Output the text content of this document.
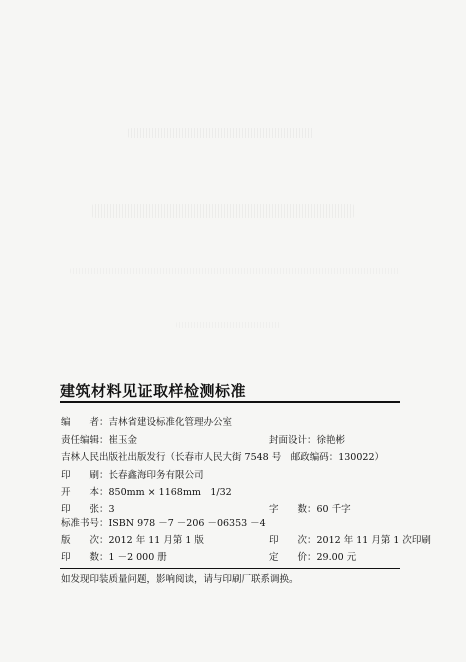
建筑材料见证取样检测标准
编　　者：吉林省建设标准化管理办公室
责任编辑：崔玉金	封面设计：徐艳彬
吉林人民出版社出版发行（长春市人民大街 7548 号　邮政编码：130022）
印　　刷：长春鑫海印务有限公司
开　　本：850mm × 1168mm　1/32
印　　张：3	字　　数：60 千字
标准书号：ISBN 978 －7 －206 －06353 －4
版　　次：2012 年 11 月第 1 版	印　　次：2012 年 11 月第 1 次印刷
印　　数：1 －2 000 册	定　　价：29.00 元
如发现印装质量问题，影响阅读，请与印刷厂联系调换。
